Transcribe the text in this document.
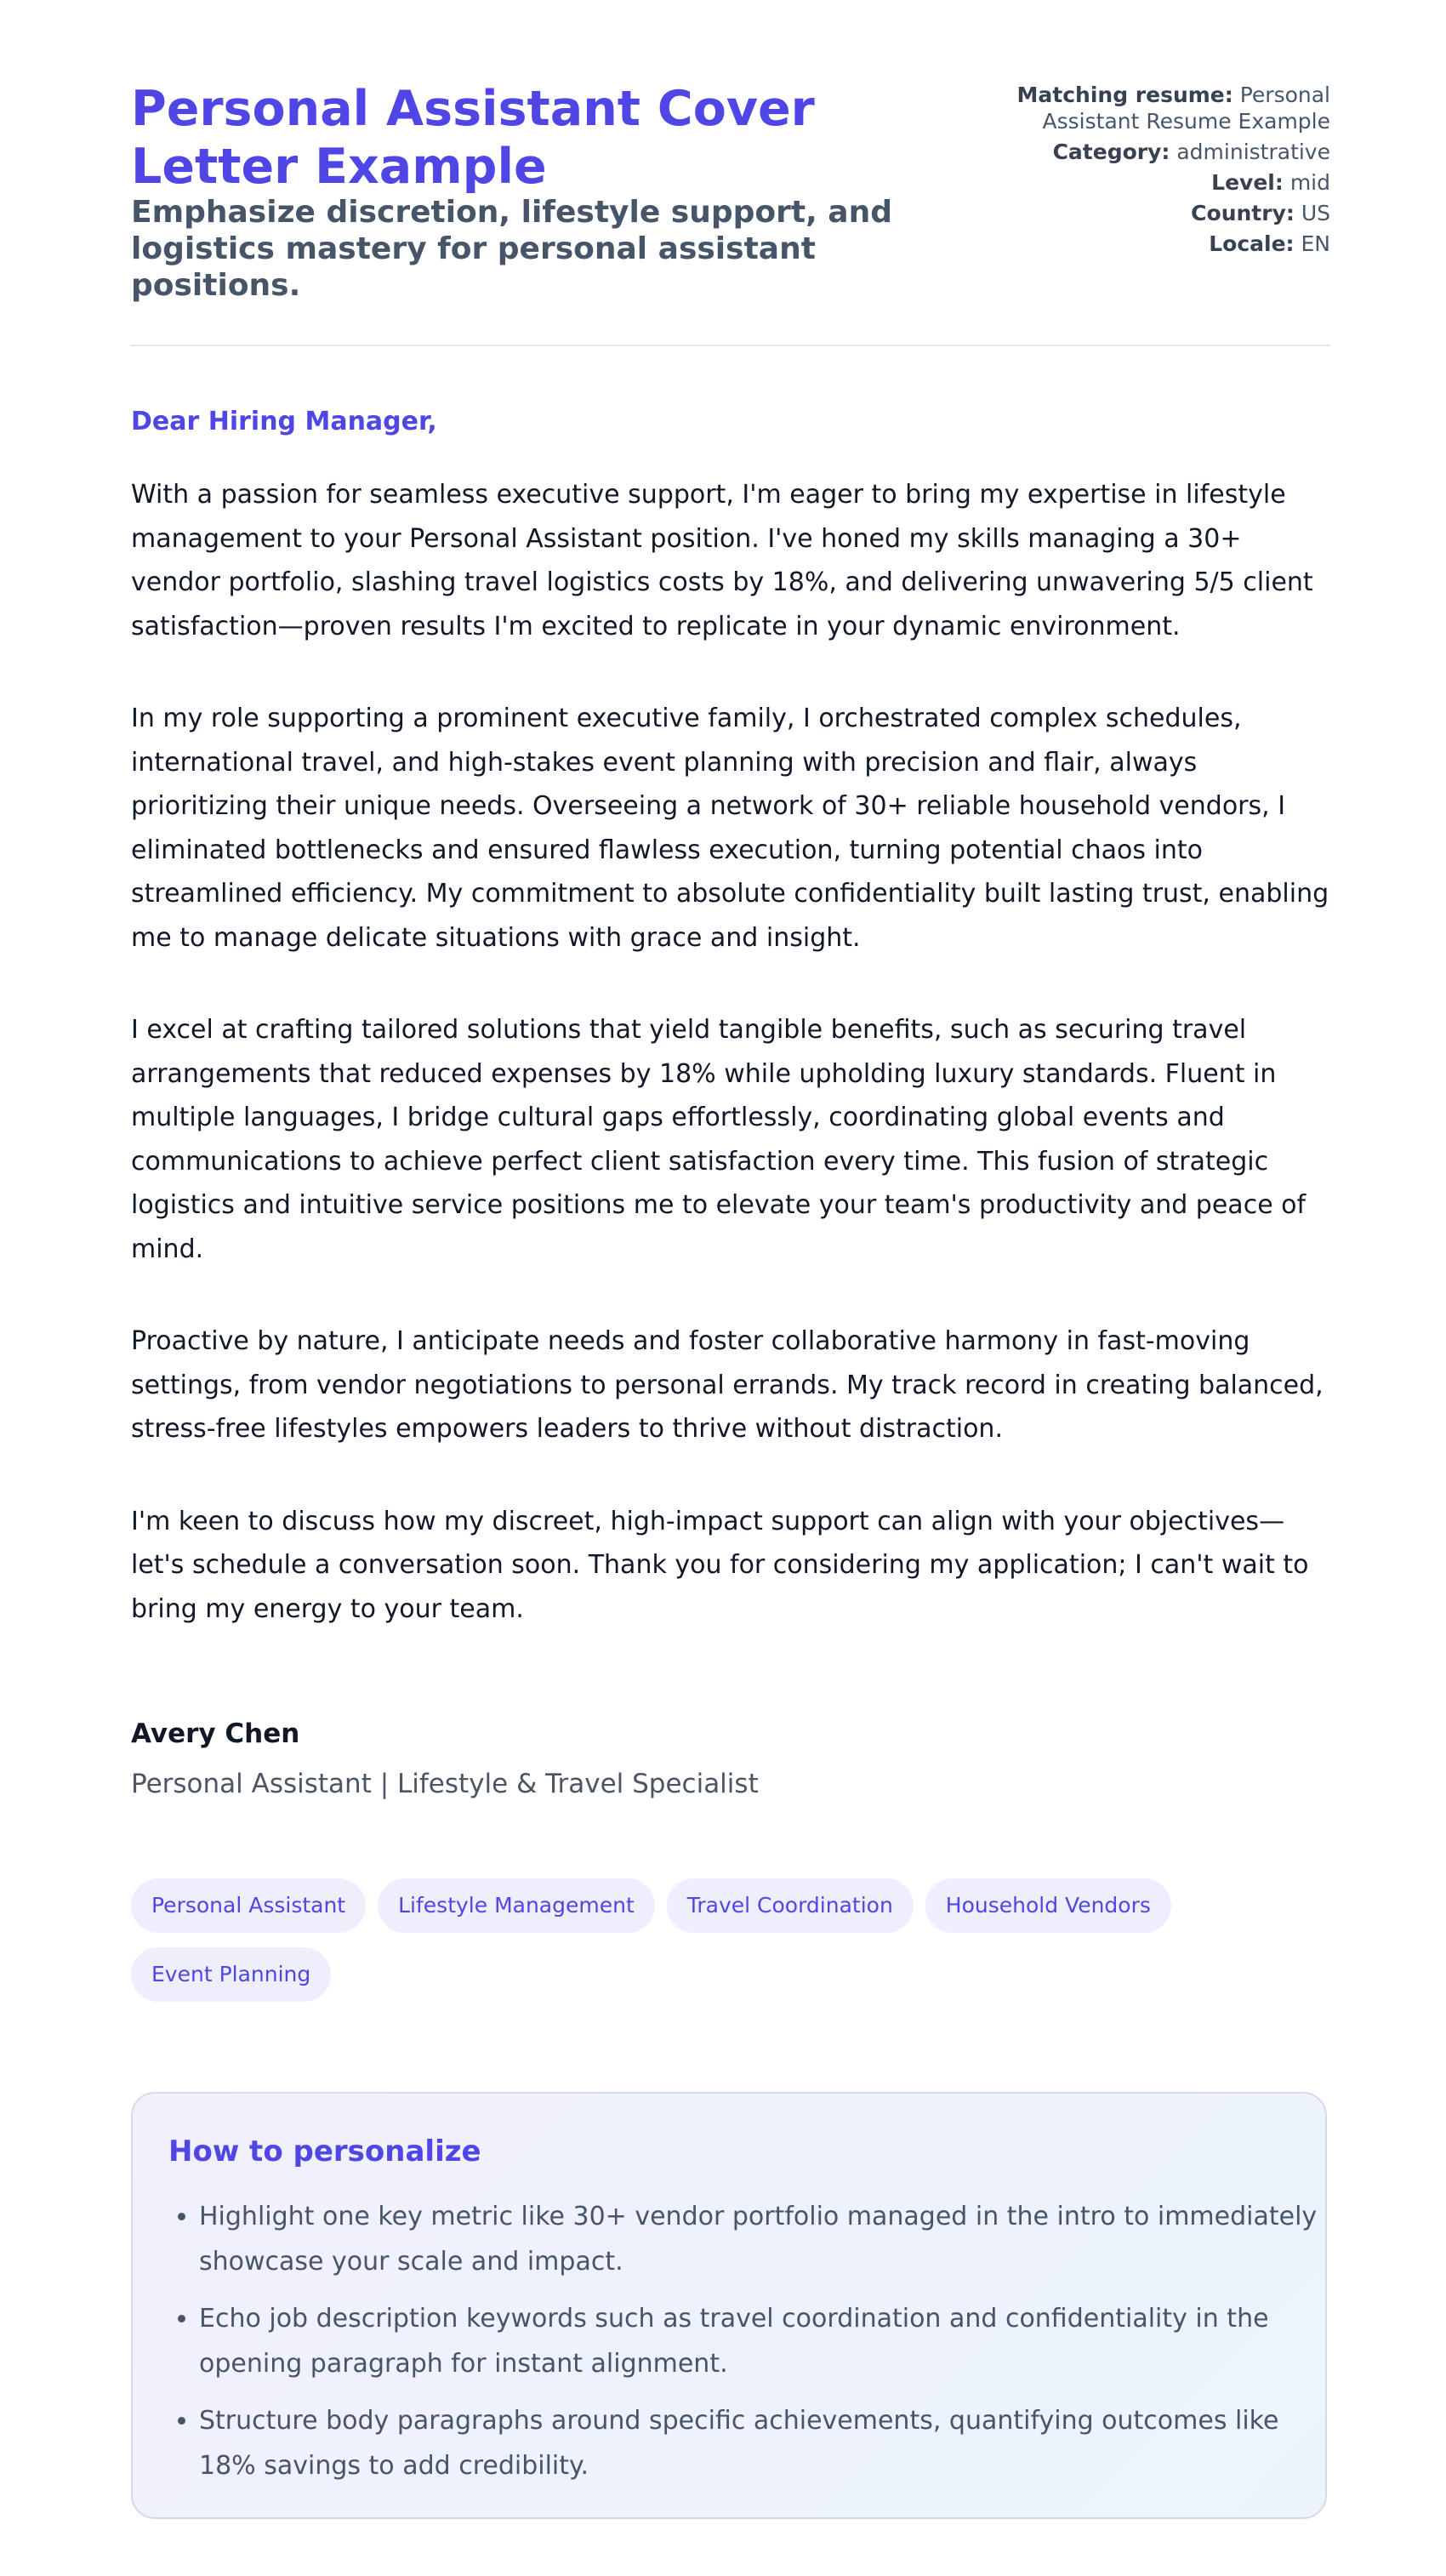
Personal Assistant Cover Letter Example
Emphasize discretion, lifestyle support, and logistics mastery for personal assistant positions.
Matching resume: Personal Assistant Resume Example
Category: administrative
Level: mid
Country: US
Locale: EN
Dear Hiring Manager,

With a passion for seamless executive support, I'm eager to bring my expertise in lifestyle management to your Personal Assistant position. I've honed my skills managing a 30+ vendor portfolio, slashing travel logistics costs by 18%, and delivering unwavering 5/5 client satisfaction—proven results I'm excited to replicate in your dynamic environment.

In my role supporting a prominent executive family, I orchestrated complex schedules, international travel, and high-stakes event planning with precision and flair, always prioritizing their unique needs. Overseeing a network of 30+ reliable household vendors, I eliminated bottlenecks and ensured flawless execution, turning potential chaos into streamlined efficiency. My commitment to absolute confidentiality built lasting trust, enabling me to manage delicate situations with grace and insight.

I excel at crafting tailored solutions that yield tangible benefits, such as securing travel arrangements that reduced expenses by 18% while upholding luxury standards. Fluent in multiple languages, I bridge cultural gaps effortlessly, coordinating global events and communications to achieve perfect client satisfaction every time. This fusion of strategic logistics and intuitive service positions me to elevate your team's productivity and peace of mind.

Proactive by nature, I anticipate needs and foster collaborative harmony in fast-moving settings, from vendor negotiations to personal errands. My track record in creating balanced, stress-free lifestyles empowers leaders to thrive without distraction.

I'm keen to discuss how my discreet, high-impact support can align with your objectives—let's schedule a conversation soon. Thank you for considering my application; I can't wait to bring my energy to your team.

Avery Chen
Personal Assistant | Lifestyle & Travel Specialist
Personal Assistant Lifestyle Management Travel Coordination Household VendorsEvent Planning
How to personalize
• Highlight one key metric like 30+ vendor portfolio managed in the intro to immediately showcase your scale and impact.
• Echo job description keywords such as travel coordination and confidentiality in the opening paragraph for instant alignment.
• Structure body paragraphs around specific achievements, quantifying outcomes like 18% savings to add credibility.
